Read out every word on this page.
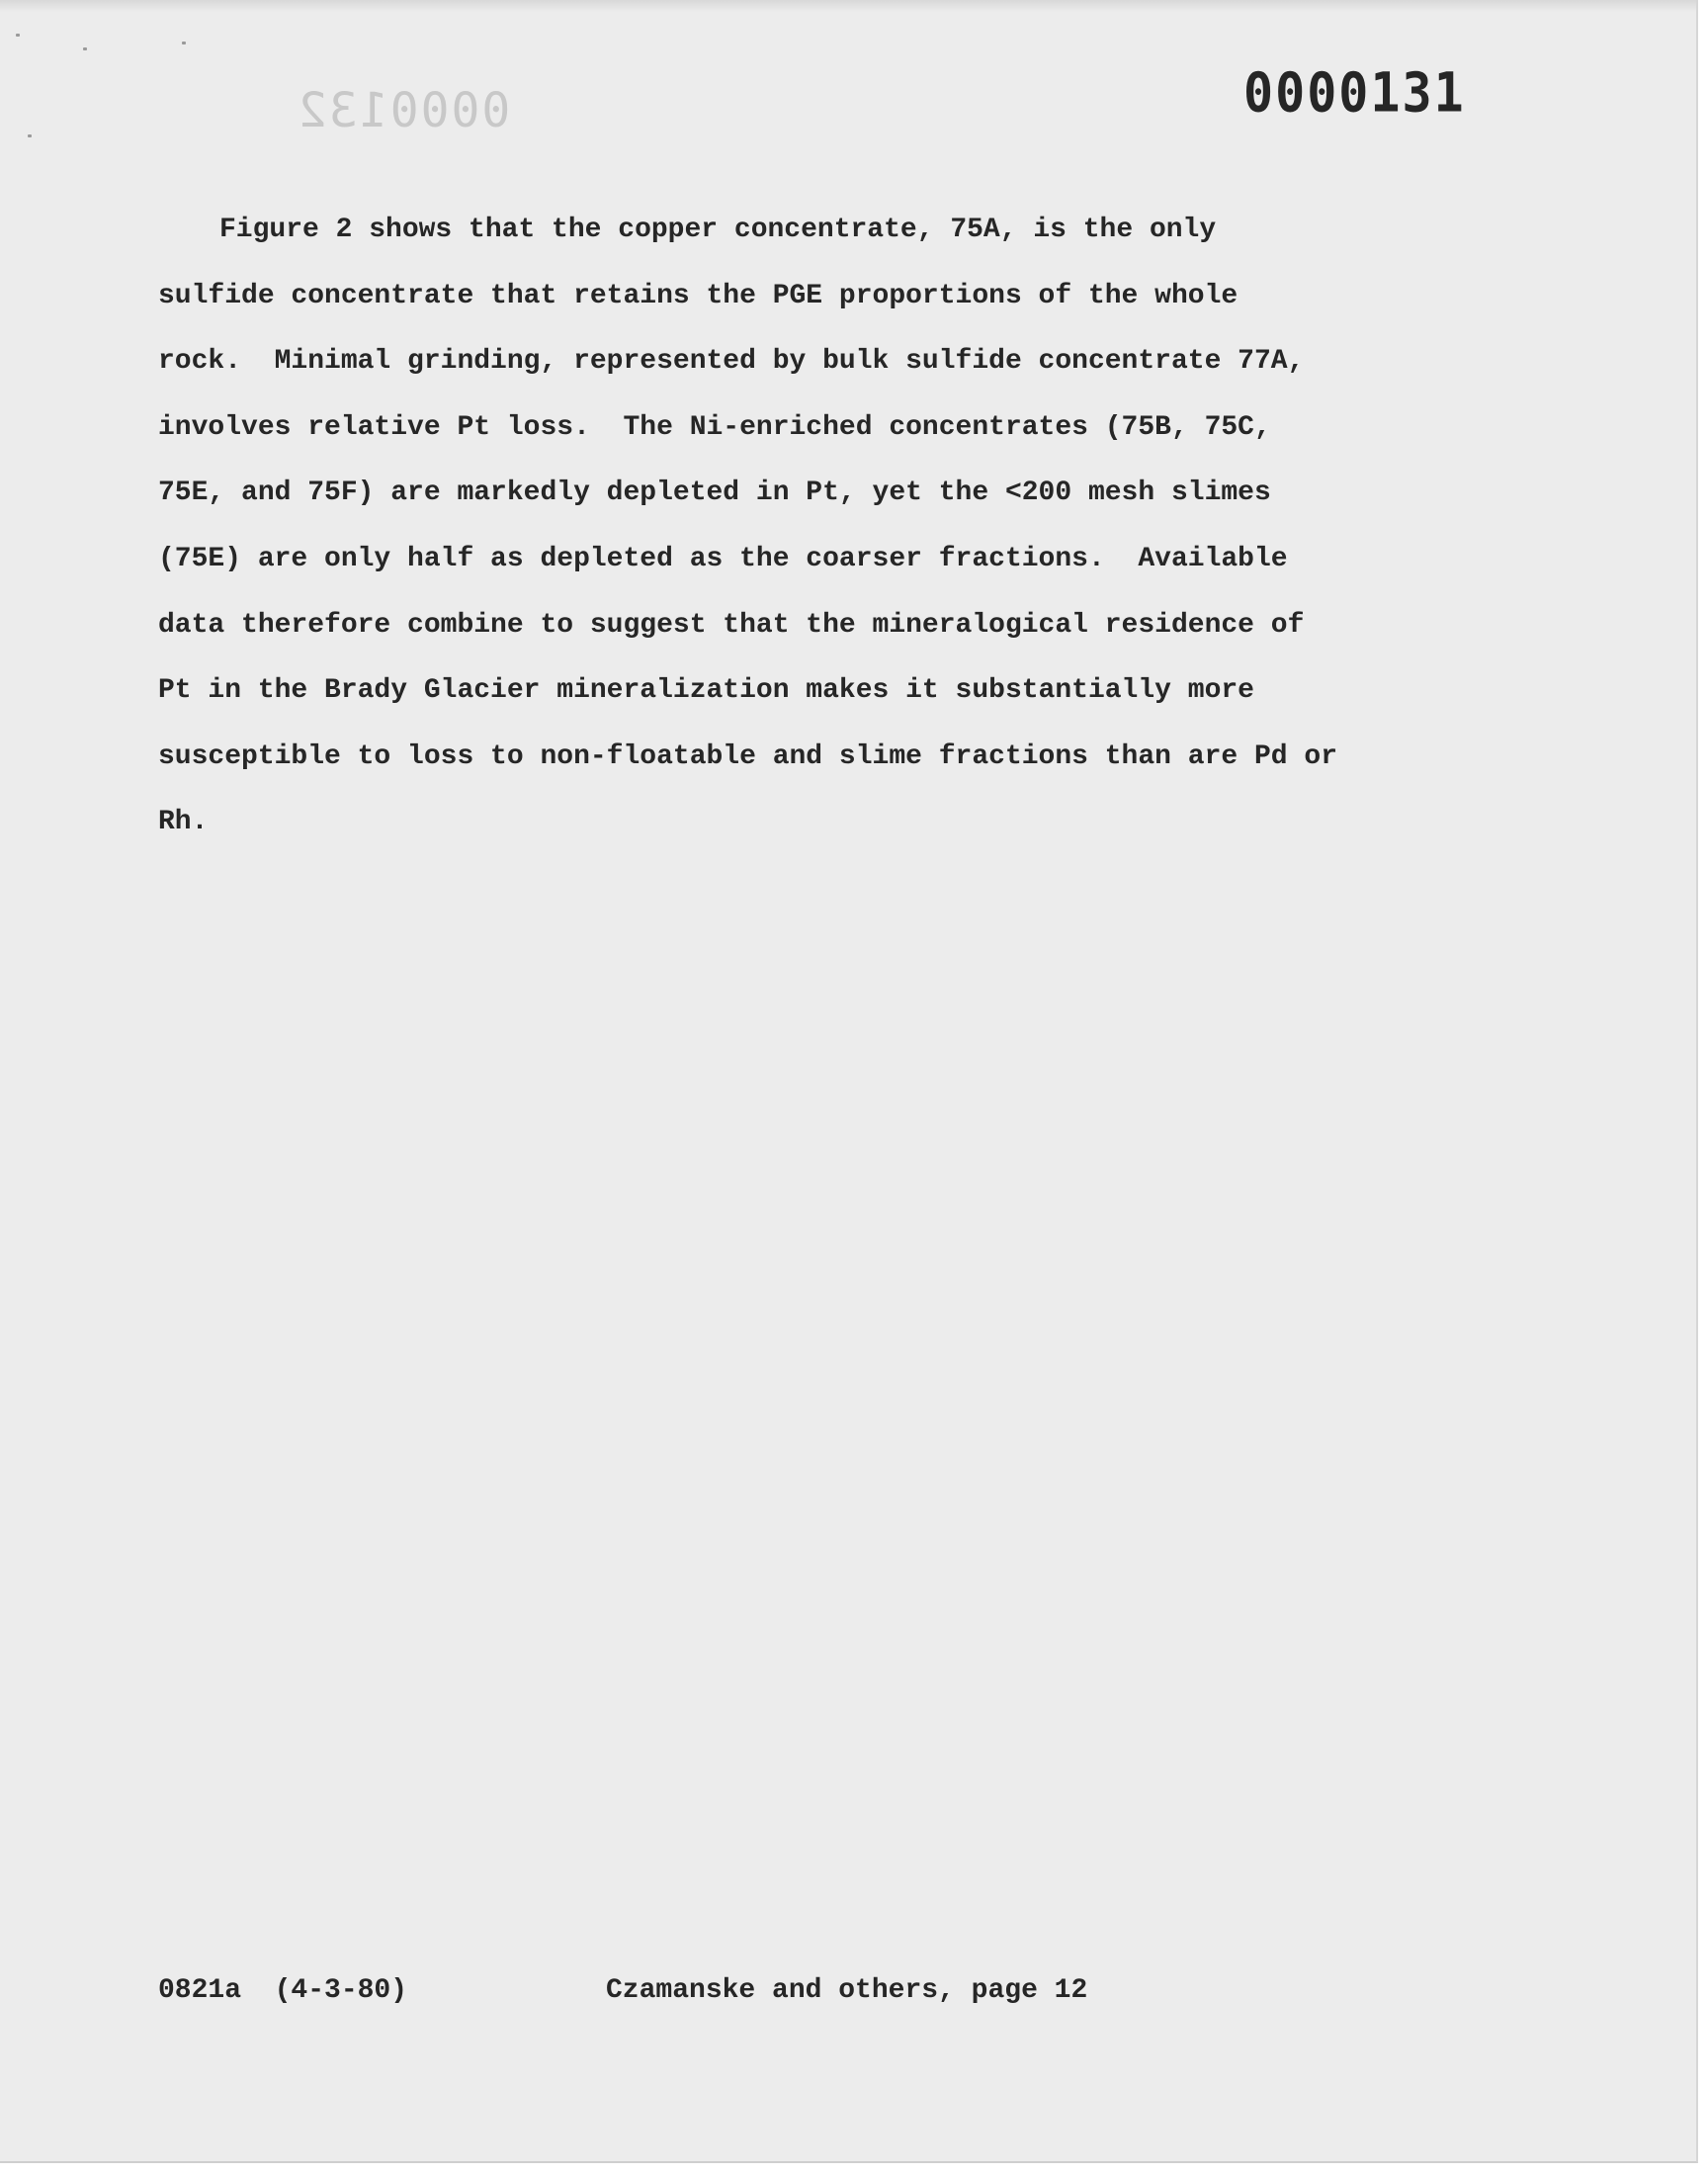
0000132	0000131
Figure 2 shows that the copper concentrate, 75A, is the only
sulfide concentrate that retains the PGE proportions of the whole
rock.  Minimal grinding, represented by bulk sulfide concentrate 77A,
involves relative Pt loss.  The Ni-enriched concentrates (75B, 75C,
75E, and 75F) are markedly depleted in Pt, yet the <200 mesh slimes
(75E) are only half as depleted as the coarser fractions.  Available
data therefore combine to suggest that the mineralogical residence of
Pt in the Brady Glacier mineralization makes it substantially more
susceptible to loss to non-floatable and slime fractions than are Pd or
Rh.
0821a  (4-3-80)	Czamanske and others, page 12
